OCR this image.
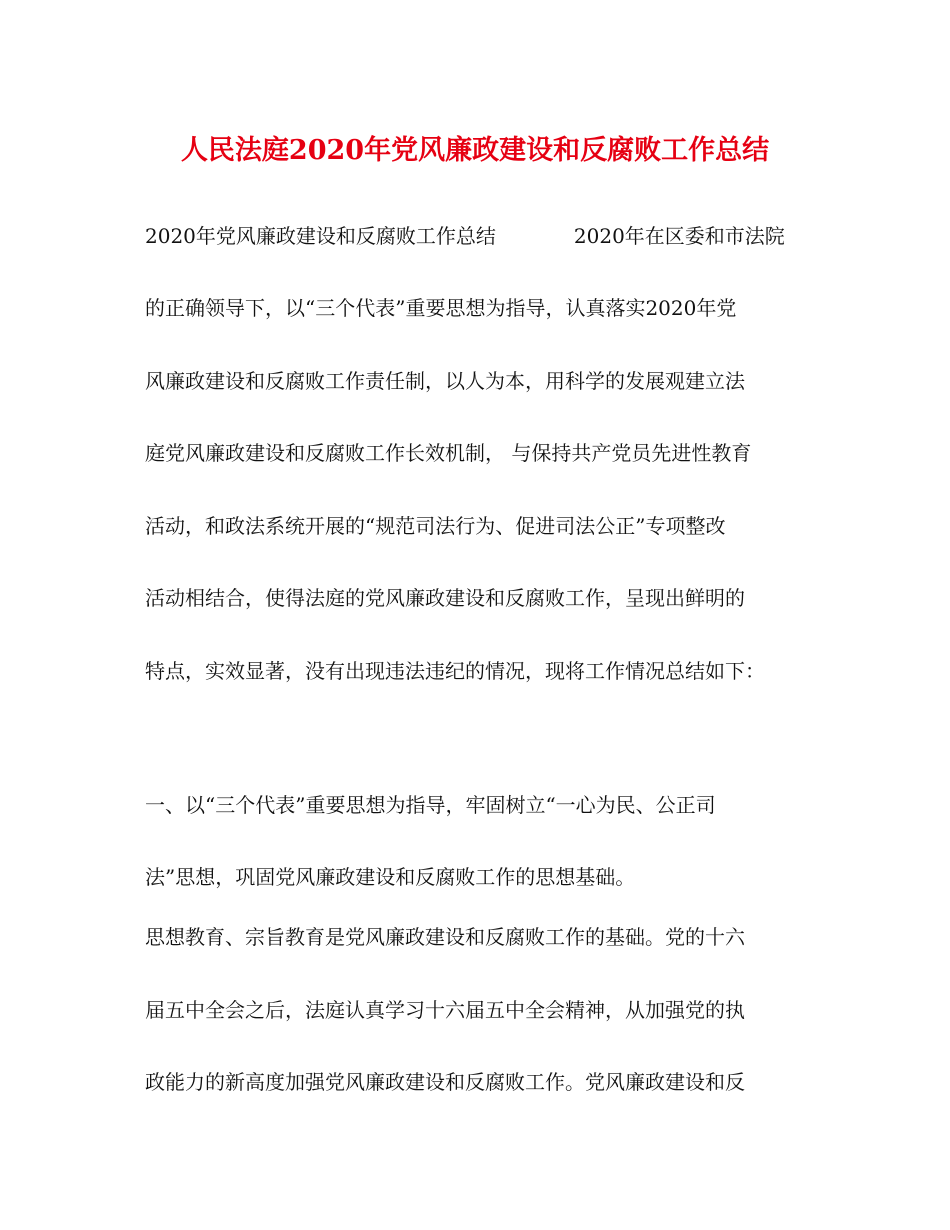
人民法庭2020年党风廉政建设和反腐败工作总结
2020年党风廉政建设和反腐败工作总结	2020年在区委和市法院
的正确领导下，以“三个代表”重要思想为指导，认真落实2020年党
风廉政建设和反腐败工作责任制，以人为本，用科学的发展观建立法
庭党风廉政建设和反腐败工作长效机制， 与保持共产党员先进性教育
活动，和政法系统开展的“规范司法行为、促进司法公正”专项整改
活动相结合，使得法庭的党风廉政建设和反腐败工作，呈现出鲜明的
特点，实效显著，没有出现违法违纪的情况，现将工作情况总结如下：
一、以“三个代表”重要思想为指导，牢固树立“一心为民、公正司
法”思想，巩固党风廉政建设和反腐败工作的思想基础。
思想教育、宗旨教育是党风廉政建设和反腐败工作的基础。党的十六
届五中全会之后，法庭认真学习十六届五中全会精神，从加强党的执
政能力的新高度加强党风廉政建设和反腐败工作。党风廉政建设和反
